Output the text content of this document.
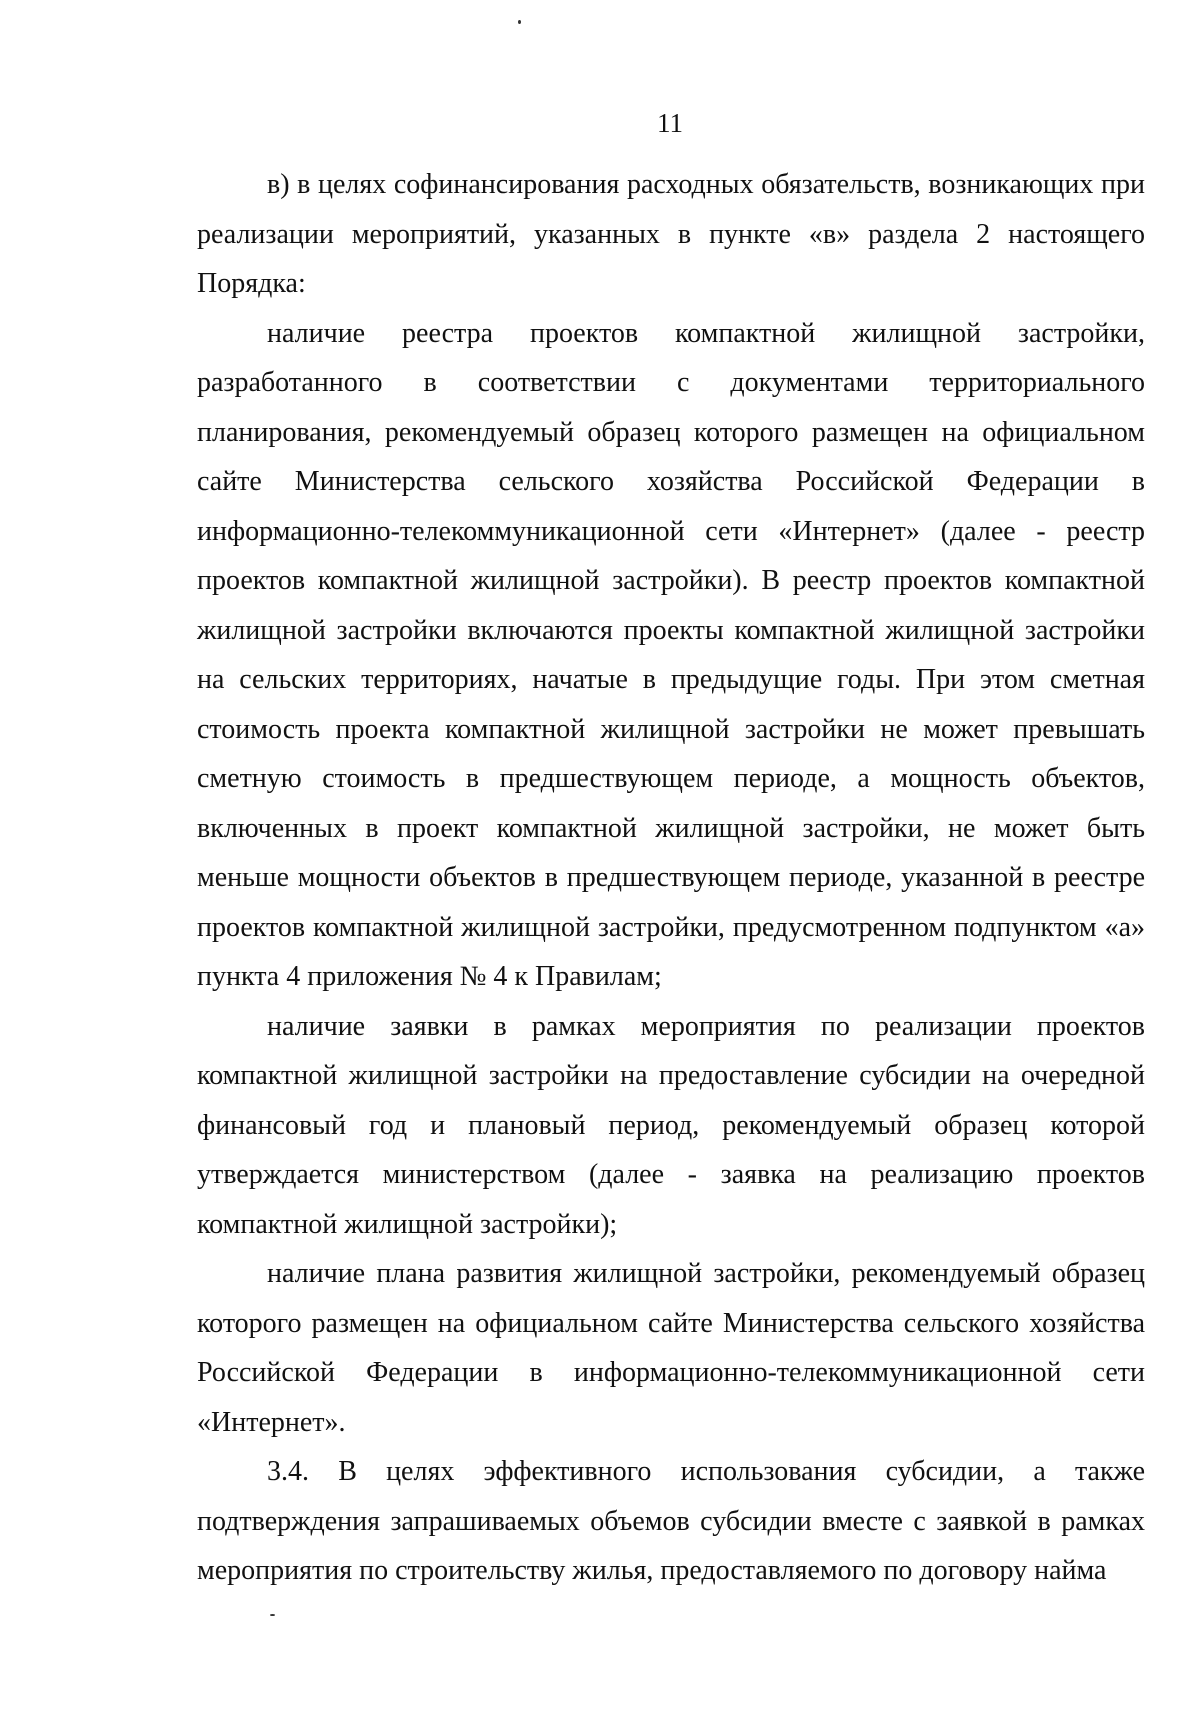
11

в) в целях софинансирования расходных обязательств, возникающих при реализации мероприятий, указанных в пункте «в» раздела 2 настоящего Порядка:

наличие реестра проектов компактной жилищной застройки, разработанного в соответствии с документами территориального планирования, рекомендуемый образец которого размещен на официальном сайте Министерства сельского хозяйства Российской Федерации в информационно-телекоммуникационной сети «Интернет» (далее - реестр проектов компактной жилищной застройки). В реестр проектов компактной жилищной застройки включаются проекты компактной жилищной застройки на сельских территориях, начатые в предыдущие годы. При этом сметная стоимость проекта компактной жилищной застройки не может превышать сметную стоимость в предшествующем периоде, а мощность объектов, включенных в проект компактной жилищной застройки, не может быть меньше мощности объектов в предшествующем периоде, указанной в реестре проектов компактной жилищной застройки, предусмотренном подпунктом «а» пункта 4 приложения № 4 к Правилам;

наличие заявки в рамках мероприятия по реализации проектов компактной жилищной застройки на предоставление субсидии на очередной финансовый год и плановый период, рекомендуемый образец которой утверждается министерством (далее - заявка на реализацию проектов компактной жилищной застройки);

наличие плана развития жилищной застройки, рекомендуемый образец которого размещен на официальном сайте Министерства сельского хозяйства Российской Федерации в информационно-телекоммуникационной сети «Интернет».

3.4. В целях эффективного использования субсидии, а также подтверждения запрашиваемых объемов субсидии вместе с заявкой в рамках мероприятия по строительству жилья, предоставляемого по договору найма
